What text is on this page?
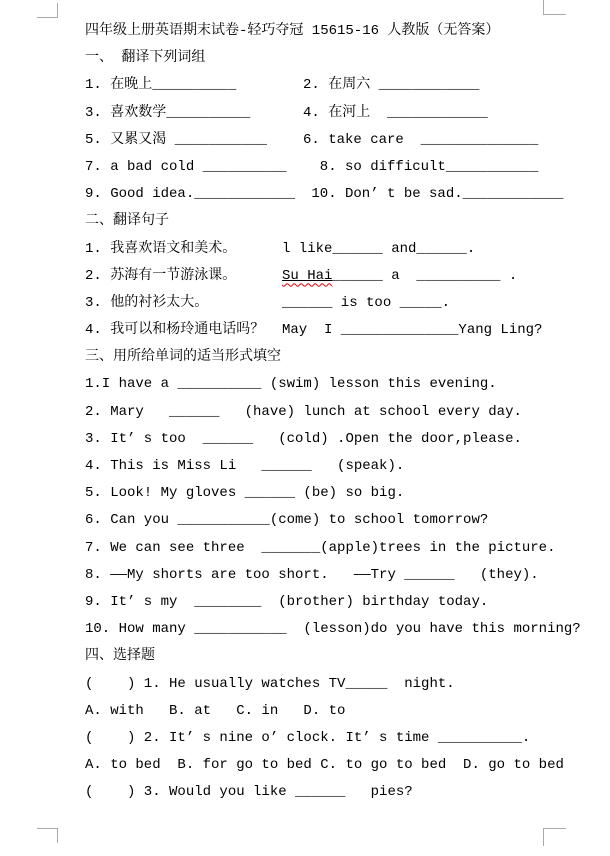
四年级上册英语期末试卷-轻巧夺冠 15615-16 人教版（无答案）
一、 翻译下列词组
1. 在晚上__________	2. 在周六 ____________
3. 喜欢数学__________	4. 在河上  ____________
5. 又累又渴 ___________	6. take care  ______________
7. a bad cold __________	8. so difficult___________
9. Good idea.____________ 10. Don’ t be sad.____________
二、翻译句子
1. 我喜欢语文和美术。	l like______ and______.
2. 苏海有一节游泳课。	Su Hai______ a  __________ .
3. 他的衬衫太大。	______ is too _____.
4. 我可以和杨玲通电话吗？	May  I ______________Yang Ling?
三、用所给单词的适当形式填空
1.I have a __________ (swim) lesson this evening.
2. Mary   ______   (have) lunch at school every day.
3. It’ s too  ______   (cold) .Open the door,please.
4. This is Miss Li   ______   (speak).
5. Look! My gloves ______ (be) so big.
6. Can you ___________(come) to school tomorrow?
7. We can see three  _______(apple)trees in the picture.
8. ——My shorts are too short.   ——Try ______   (they).
9. It’ s my  ________  (brother) birthday today.
10. How many ___________  (lesson)do you have this morning?
四、选择题
(    ) 1. He usually watches TV_____  night.
A. with   B. at   C. in   D. to
(    ) 2. It’ s nine o’ clock. It’ s time __________.
A. to bed  B. for go to bed C. to go to bed  D. go to bed
(    ) 3. Would you like ______   pies?
